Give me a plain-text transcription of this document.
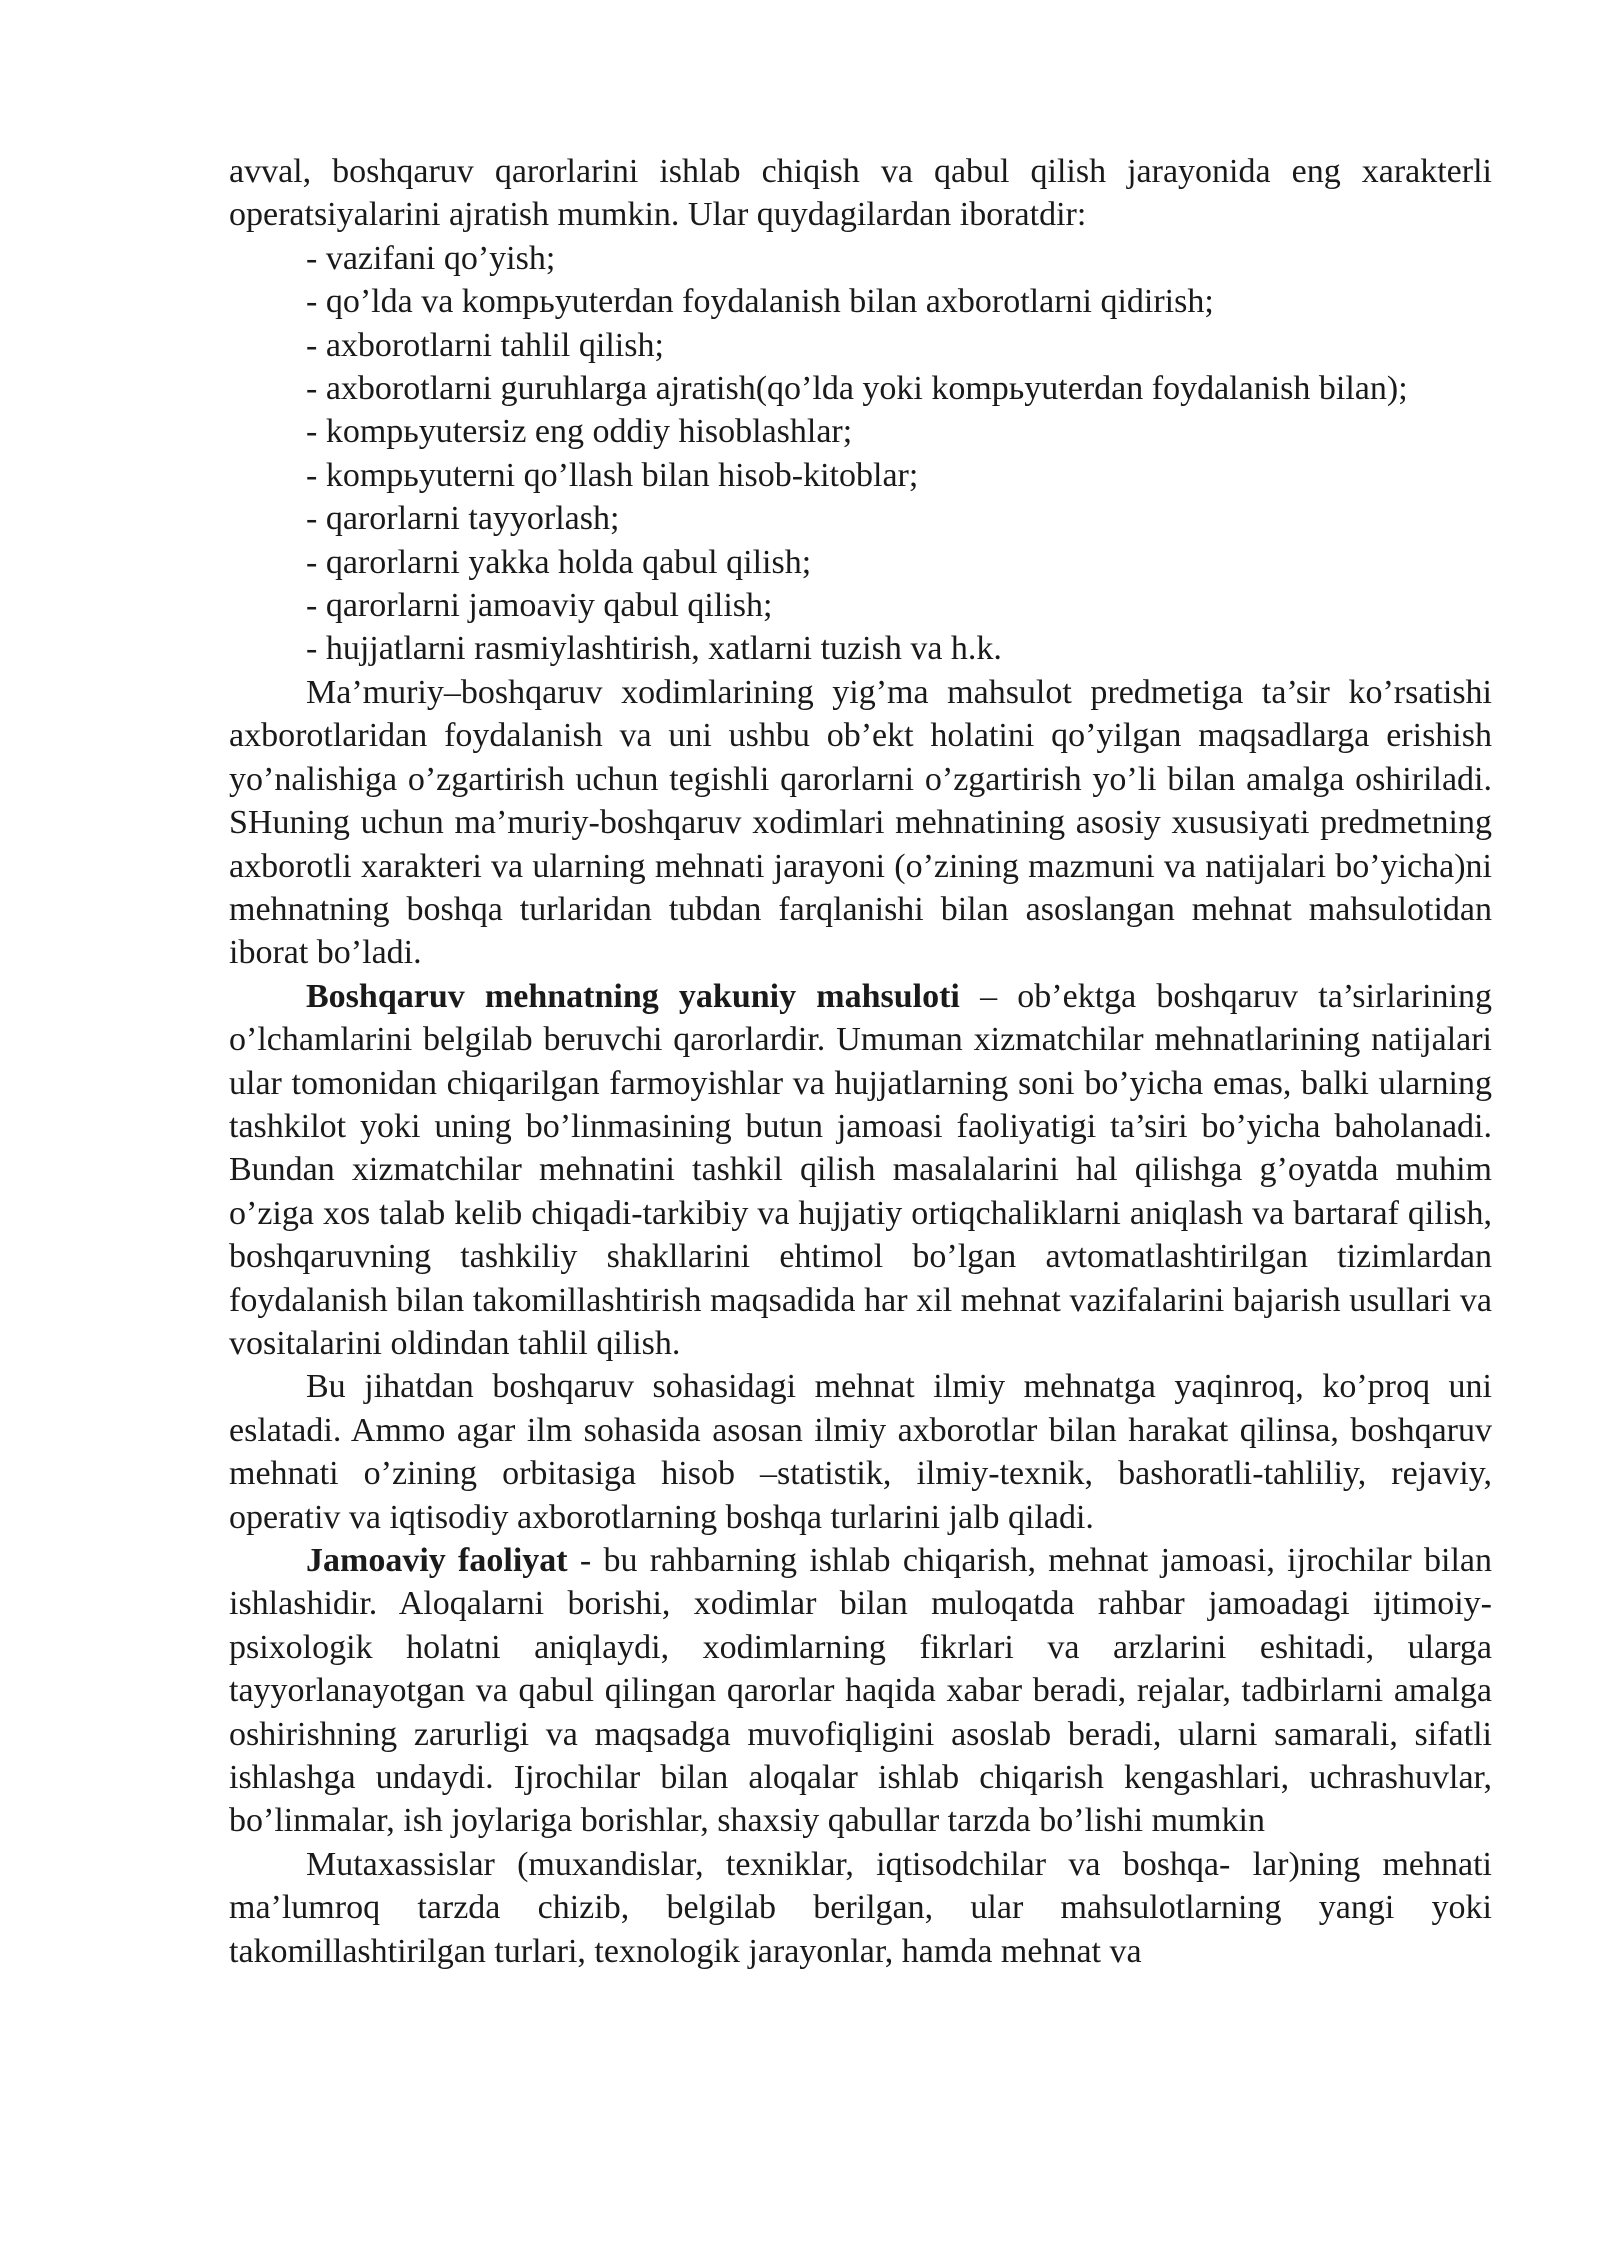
avval, boshqaruv qarorlarini ishlab chiqish va qabul qilish jarayonida eng xarakterli operatsiyalarini ajratish mumkin. Ular quydagilardan iboratdir:

- vazifani qo’yish;

- qo’lda va kompьyuterdan foydalanish bilan axborotlarni qidirish;

- axborotlarni tahlil qilish;

- axborotlarni guruhlarga ajratish(qo’lda yoki kompьyuterdan foydalanish bilan);

- kompьyutersiz eng oddiy hisoblashlar;

- kompьyuterni qo’llash bilan hisob-kitoblar;

- qarorlarni tayyorlash;

- qarorlarni yakka holda qabul qilish;

- qarorlarni jamoaviy qabul qilish;

- hujjatlarni rasmiylashtirish, xatlarni tuzish va h.k.

Ma’muriy–boshqaruv xodimlarining yig’ma mahsulot predmetiga ta’sir ko’rsatishi axborotlaridan foydalanish va uni ushbu ob’ekt holatini qo’yilgan maqsadlarga erishish yo’nalishiga o’zgartirish uchun tegishli qarorlarni o’zgartirish yo’li bilan amalga oshiriladi. SHuning uchun ma’muriy-boshqaruv xodimlari mehnatining asosiy xususiyati predmetning axborotli xarakteri va ularning mehnati jarayoni (o’zining mazmuni va natijalari bo’yicha)ni mehnatning boshqa turlaridan tubdan farqlanishi bilan asoslangan mehnat mahsulotidan iborat bo’ladi.

Boshqaruv mehnatning yakuniy mahsuloti – ob’ektga boshqaruv ta’sirlarining o’lchamlarini belgilab beruvchi qarorlardir. Umuman xizmatchilar mehnatlarining natijalari ular tomonidan chiqarilgan farmoyishlar va hujjatlarning soni bo’yicha emas, balki ularning tashkilot yoki uning bo’linmasining butun jamoasi faoliyatigi ta’siri bo’yicha baholanadi. Bundan xizmatchilar mehnatini tashkil qilish masalalarini hal qilishga g’oyatda muhim o’ziga xos talab kelib chiqadi-tarkibiy va hujjatiy ortiqchaliklarni aniqlash va bartaraf qilish, boshqaruvning tashkiliy shakllarini ehtimol bo’lgan avtomatlashtirilgan tizimlardan foydalanish bilan takomillashtirish maqsadida har xil mehnat vazifalarini bajarish usullari va vositalarini oldindan tahlil qilish.

Bu jihatdan boshqaruv sohasidagi mehnat ilmiy mehnatga yaqinroq, ko’proq uni eslatadi. Ammo agar ilm sohasida asosan ilmiy axborotlar bilan harakat qilinsa, boshqaruv mehnati o’zining orbitasiga hisob –statistik, ilmiy-texnik, bashoratli-tahliliy, rejaviy, operativ va iqtisodiy axborotlarning boshqa turlarini jalb qiladi.

Jamoaviy faoliyat - bu rahbarning ishlab chiqarish, mehnat jamoasi, ijrochilar bilan ishlashidir. Aloqalarni borishi, xodimlar bilan muloqatda rahbar jamoadagi ijtimoiy-psixologik holatni aniqlaydi, xodimlarning fikrlari va arzlarini eshitadi, ularga tayyorlanayotgan va qabul qilingan qarorlar haqida xabar beradi, rejalar, tadbirlarni amalga oshirishning zarurligi va maqsadga muvofiqligini asoslab beradi, ularni samarali, sifatli ishlashga undaydi. Ijrochilar bilan aloqalar ishlab chiqarish kengashlari, uchrashuvlar, bo’linmalar, ish joylariga borishlar, shaxsiy qabullar tarzda bo’lishi mumkin

Mutaxassislar (muxandislar, texniklar, iqtisodchilar va boshqa- lar)ning mehnati ma’lumroq tarzda chizib, belgilab berilgan, ular mahsulotlarning yangi yoki takomillashtirilgan turlari, texnologik jarayonlar, hamda mehnat va
